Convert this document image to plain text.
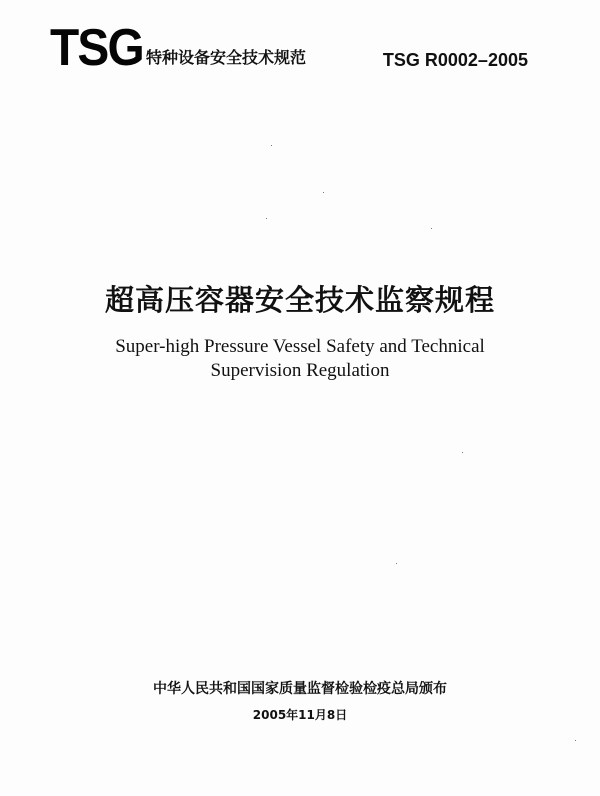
TSG 特种设备安全技术规范	TSG R0002–2005
超高压容器安全技术监察规程
Super-high Pressure Vessel Safety and Technical
Supervision Regulation
中华人民共和国国家质量监督检验检疫总局颁布
2005年11月8日
